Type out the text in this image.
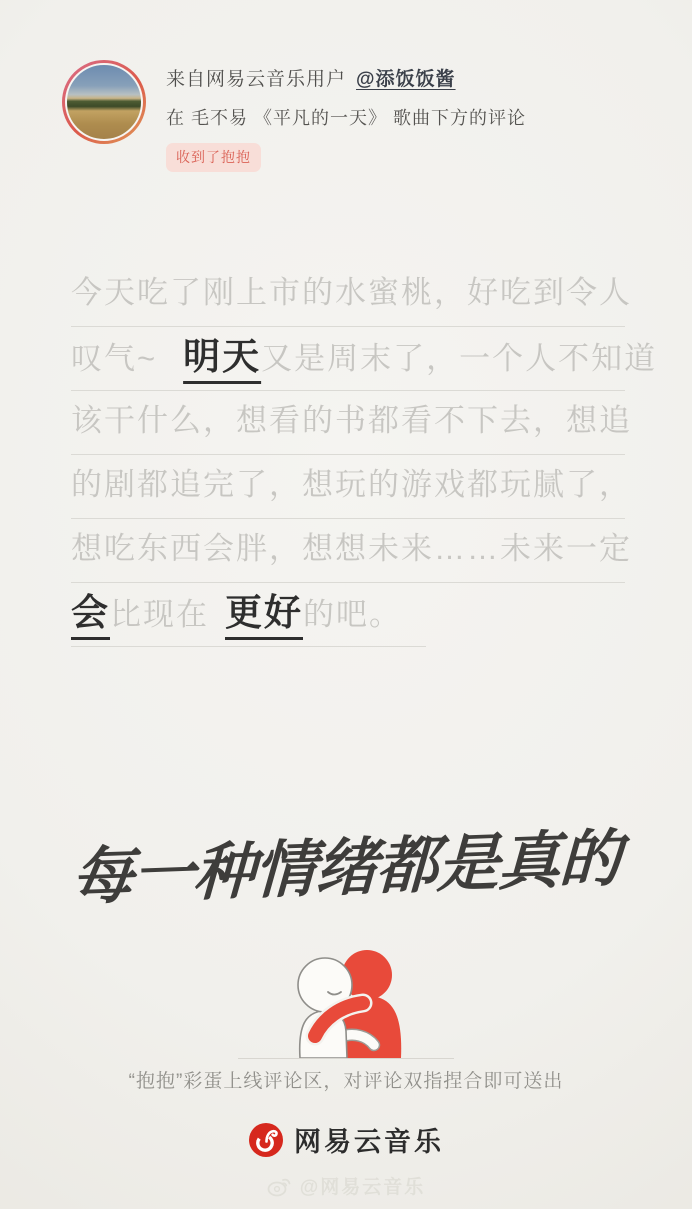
来自网易云音乐用户 @添饭饭酱
在 毛不易 《平凡的一天》 歌曲下方的评论
收到了抱抱
今天吃了刚上市的水蜜桃，好吃到令人
叹气~ 明天又是周末了，一个人不知道
该干什么，想看的书都看不下去，想追
的剧都追完了，想玩的游戏都玩腻了，
想吃东西会胖，想想未来……未来一定
会比现在 更好的吧。
每一种情绪都是真的
“抱抱”彩蛋上线评论区，对评论双指捏合即可送出
网易云音乐
@网易云音乐
